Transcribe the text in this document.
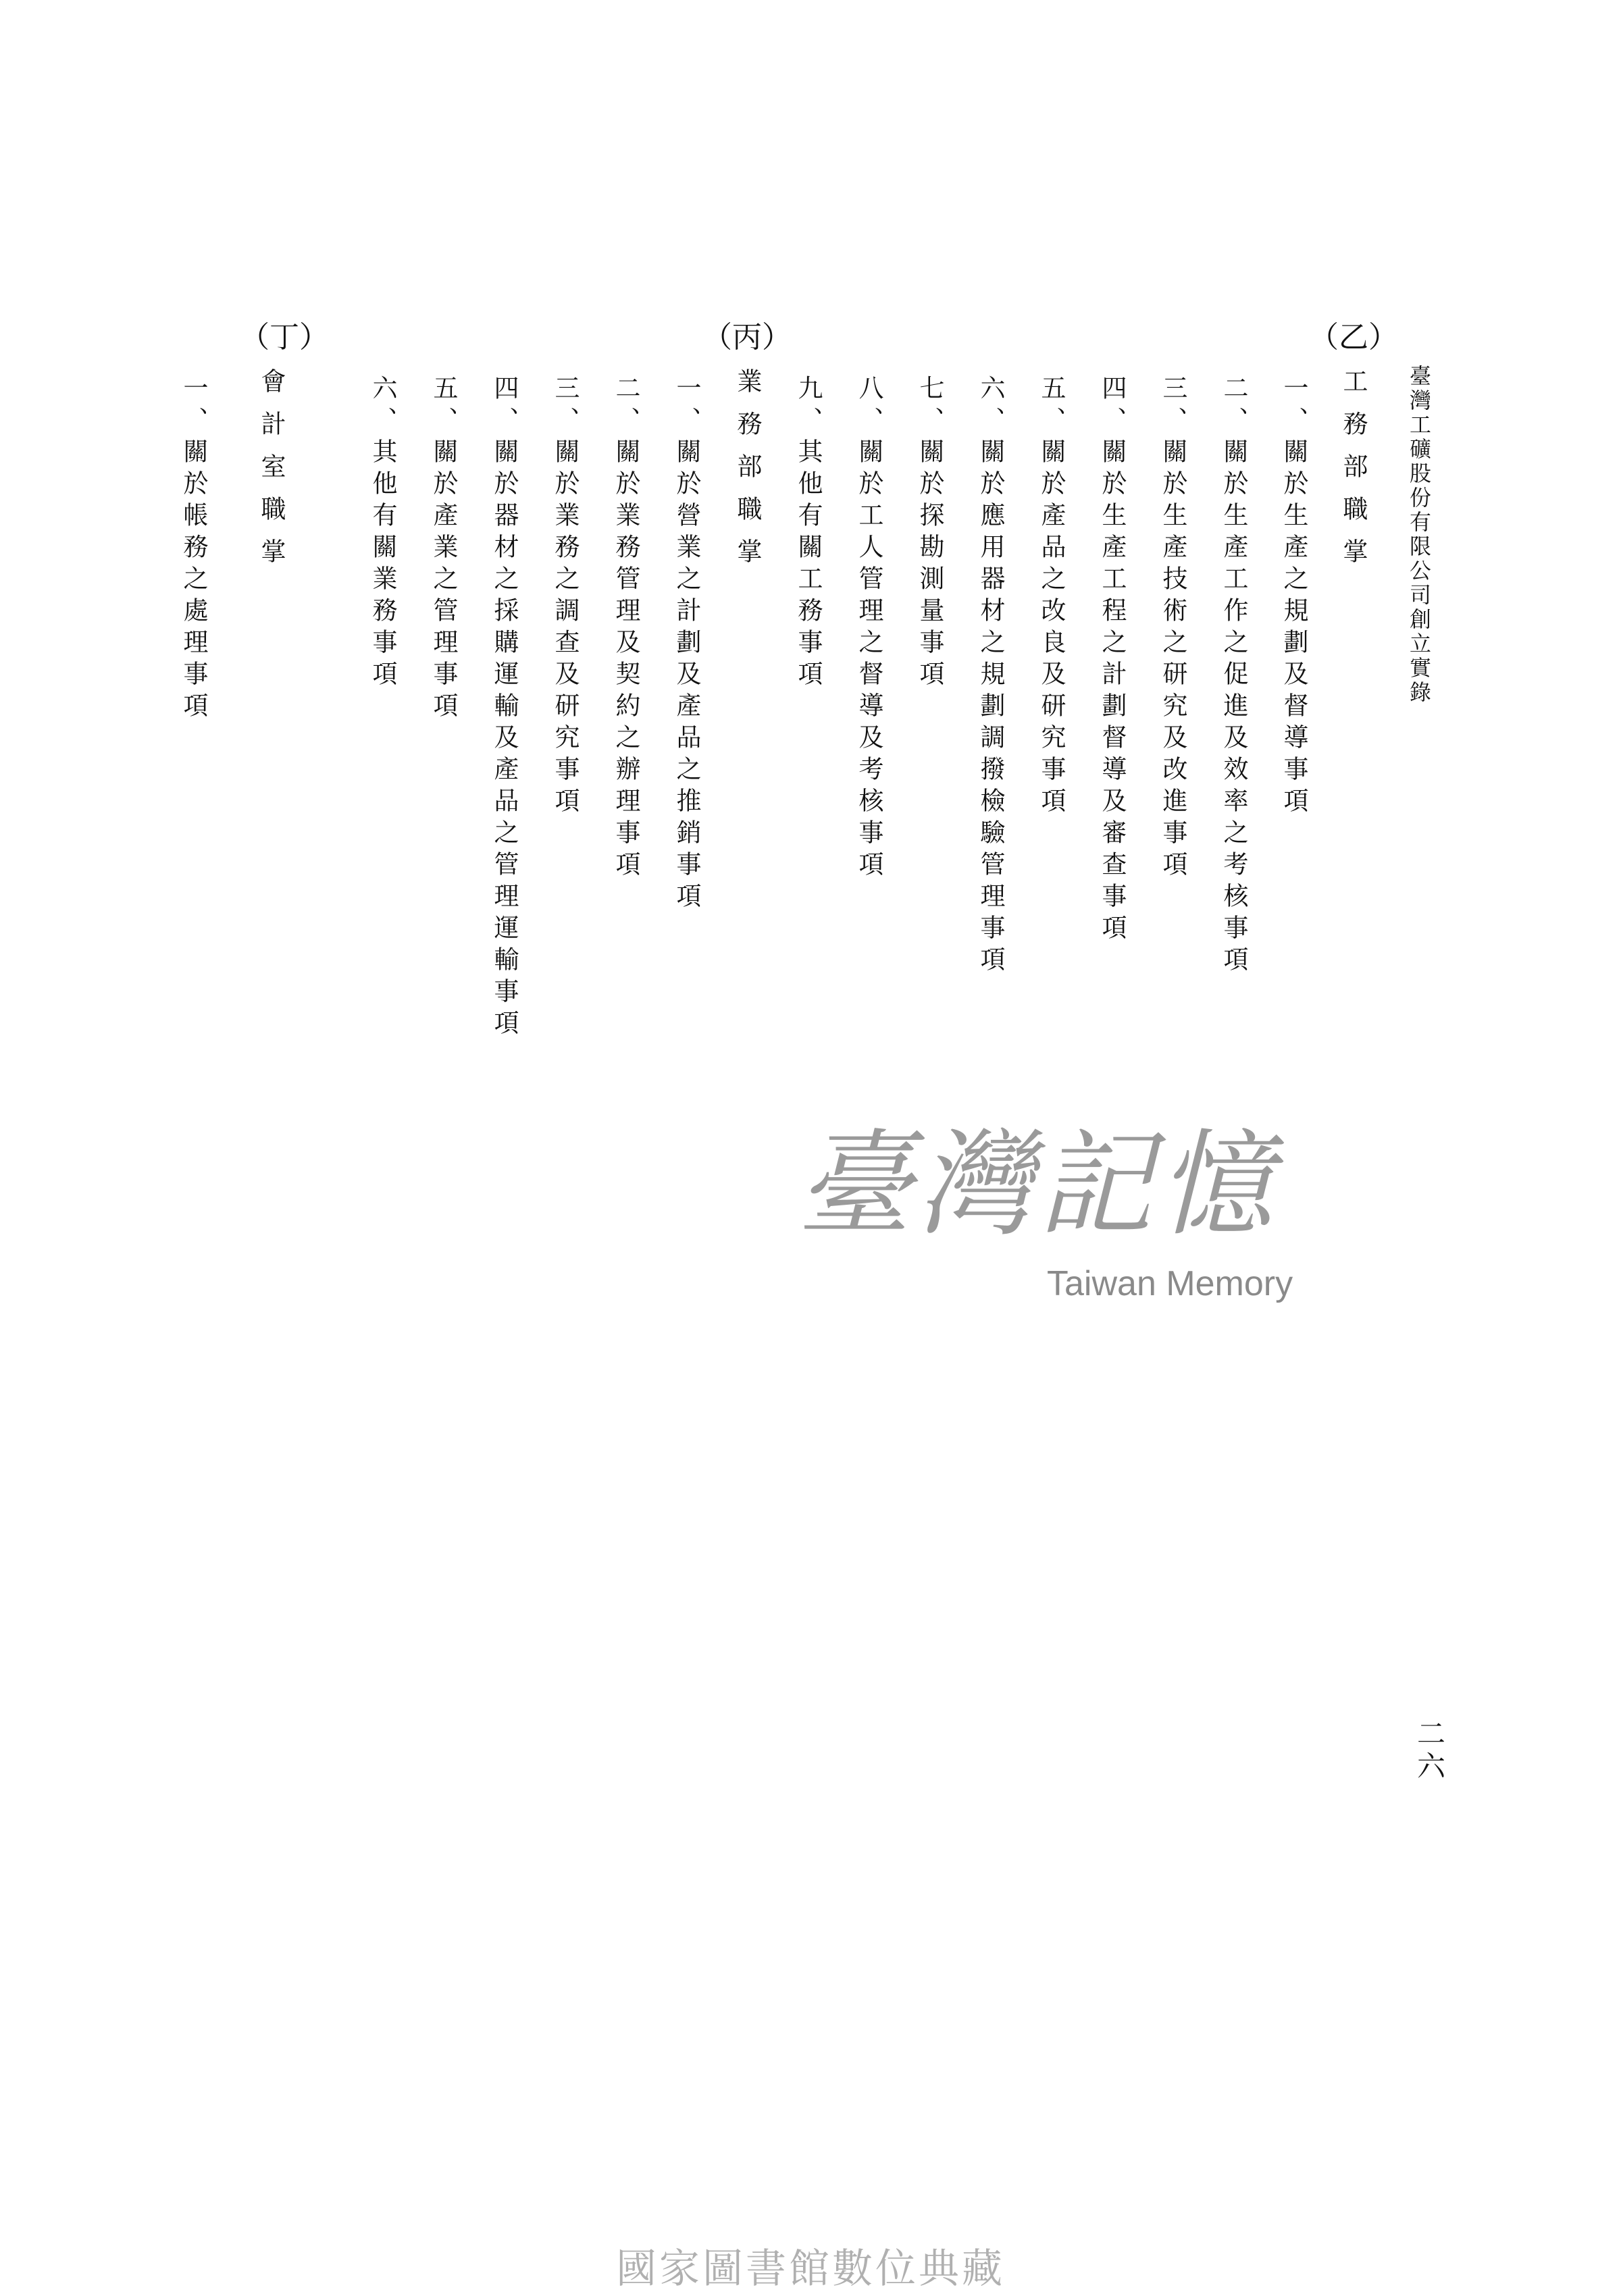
臺灣工礦股份有限公司創立實錄
二六
（乙）
工務部職掌
一、關於生產之規劃及督導事項
二、關於生產工作之促進及效率之考核事項
三、關於生產技術之研究及改進事項
四、關於生產工程之計劃督導及審查事項
五、關於產品之改良及研究事項
六、關於應用器材之規劃調撥檢驗管理事項
七、關於探勘測量事項
八、關於工人管理之督導及考核事項
九、其他有關工務事項
（丙）
業務部職掌
一、關於營業之計劃及產品之推銷事項
二、關於業務管理及契約之辦理事項
三、關於業務之調查及研究事項
四、關於器材之採購運輸及產品之管理運輸事項
五、關於產業之管理事項
六、其他有關業務事項
（丁）
會計室職掌
一、關於帳務之處理事項
臺灣記憶
Taiwan Memory
國家圖書館數位典藏
